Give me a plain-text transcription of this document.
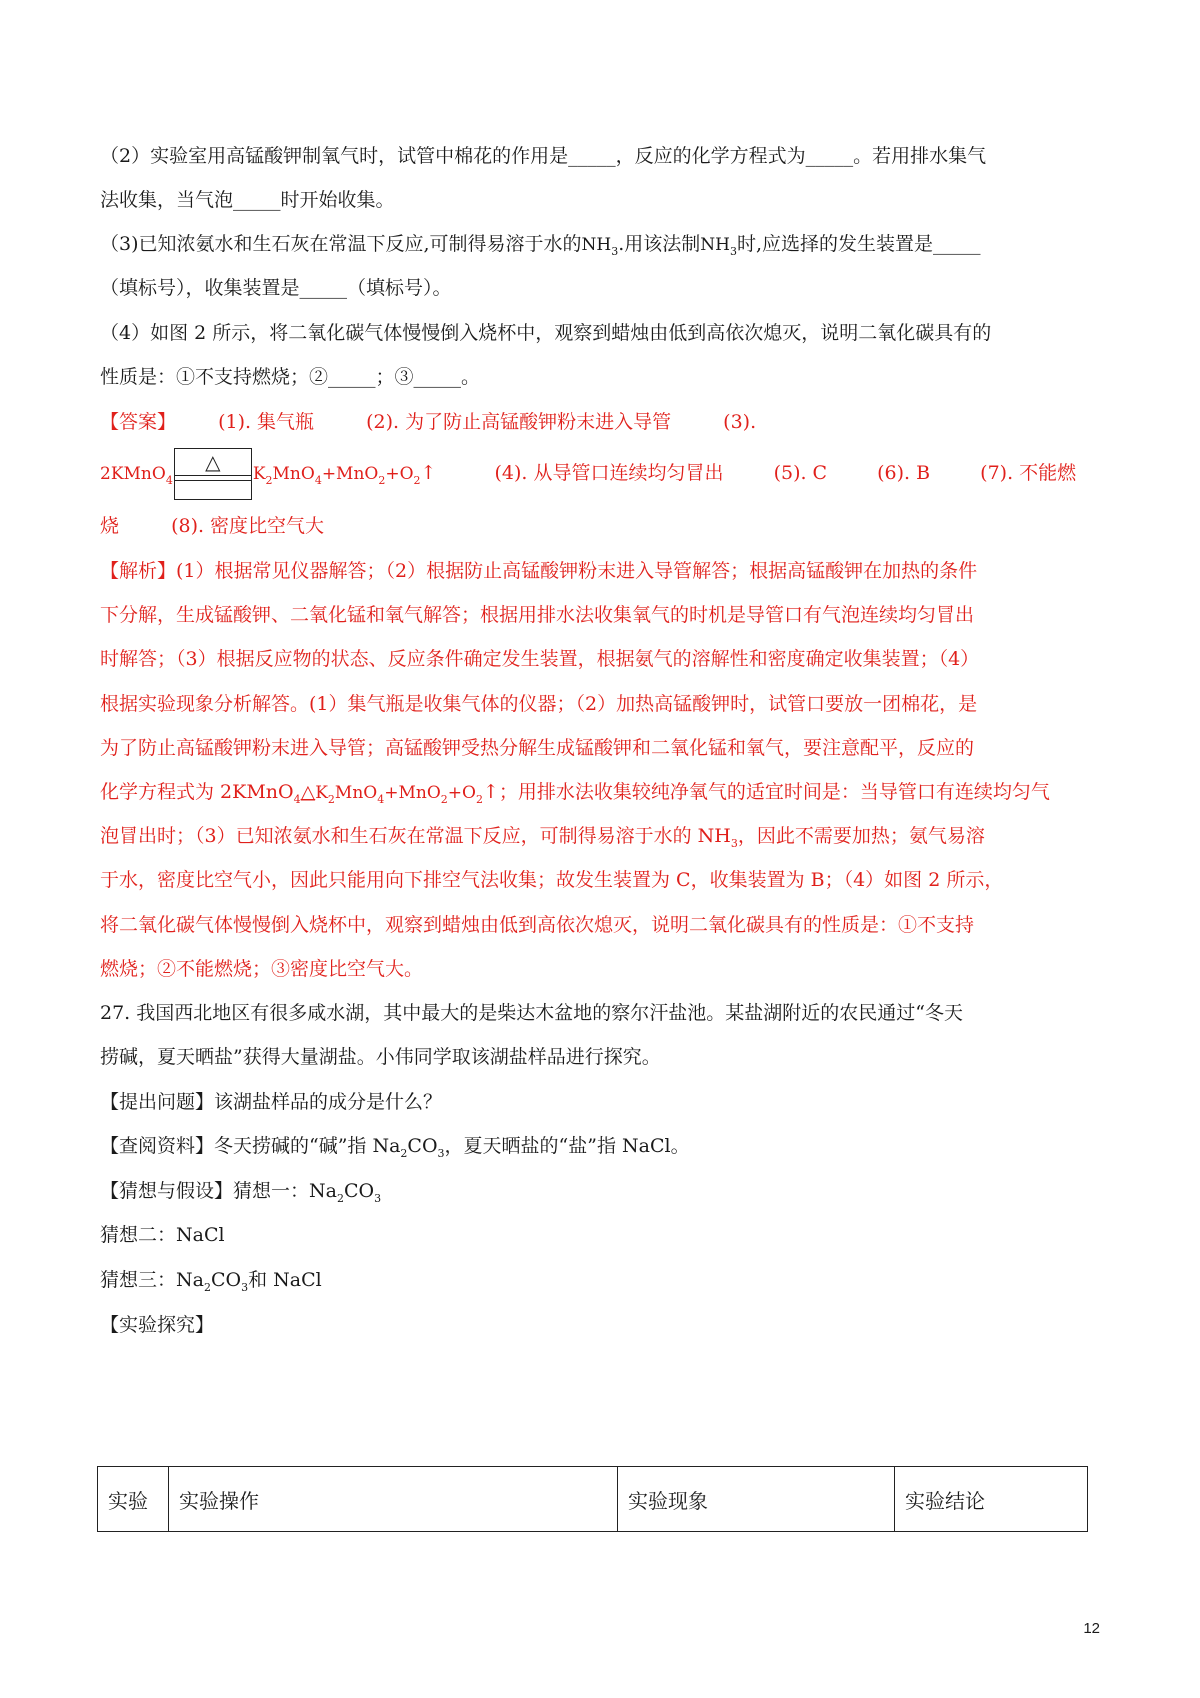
（2）实验室用高锰酸钾制氧气时，试管中棉花的作用是_____，反应的化学方程式为_____。若用排水集气
法收集，当气泡_____时开始收集。
（3)已知浓氨水和生石灰在常温下反应,可制得易溶于水的$NH_3$.用该法制$NH_3$时,应选择的发生装置是_____
（填标号），收集装置是_____（填标号）。
（4）如图 2 所示，将二氧化碳气体慢慢倒入烧杯中，观察到蜡烛由低到高依次熄灭，说明二氧化碳具有的
性质是：①不支持燃烧；②_____；③_____。
【答案】 (1). 集气瓶	(2). 为了防止高锰酸钾粉末进入导管	(3).
2KMnO$_4$
△	$K_2MnO_4+MnO_2+O_2↑$	(4). 从导管口连续均匀冒出	(5). C	(6). B	(7). 不能燃
烧	(8). 密度比空气大
【解析】(1）根据常见仪器解答；（2）根据防止高锰酸钾粉末进入导管解答；根据高锰酸钾在加热的条件
下分解，生成锰酸钾、二氧化锰和氧气解答；根据用排水法收集氧气的时机是导管口有气泡连续均匀冒出
时解答；（3）根据反应物的状态、反应条件确定发生装置，根据氨气的溶解性和密度确定收集装置；（4）
根据实验现象分析解答。(1）集气瓶是收集气体的仪器；（2）加热高锰酸钾时，试管口要放一团棉花，是
为了防止高锰酸钾粉末进入导管；高锰酸钾受热分解生成锰酸钾和二氧化锰和氧气，要注意配平，反应的
化学方程式为 $2KMnO_4\triangle K_2MnO_4+MnO_2+O_2↑$；用排水法收集较纯净氧气的适宜时间是：当导管口有连续均匀气
泡冒出时；（3）已知浓氨水和生石灰在常温下反应，可制得易溶于水的 $NH_3$，因此不需要加热；氨气易溶
于水，密度比空气小，因此只能用向下排空气法收集；故发生装置为 C，收集装置为 B；（4）如图 2 所示，
将二氧化碳气体慢慢倒入烧杯中，观察到蜡烛由低到高依次熄灭，说明二氧化碳具有的性质是：①不支持
燃烧；②不能燃烧；③密度比空气大。
27. 我国西北地区有很多咸水湖，其中最大的是柴达木盆地的察尔汗盐池。某盐湖附近的农民通过“冬天
捞碱，夏天晒盐”获得大量湖盐。小伟同学取该湖盐样品进行探究。
【提出问题】该湖盐样品的成分是什么？
【查阅资料】冬天捞碱的“碱”指 $Na_2CO_3$，夏天晒盐的“盐”指 NaCl。
【猜想与假设】猜想一：$Na_2CO_3$
猜想二：NaCl
猜想三：$Na_2CO_3$和 NaCl
【实验探究】
实验	实验操作	实验现象	实验结论
12
